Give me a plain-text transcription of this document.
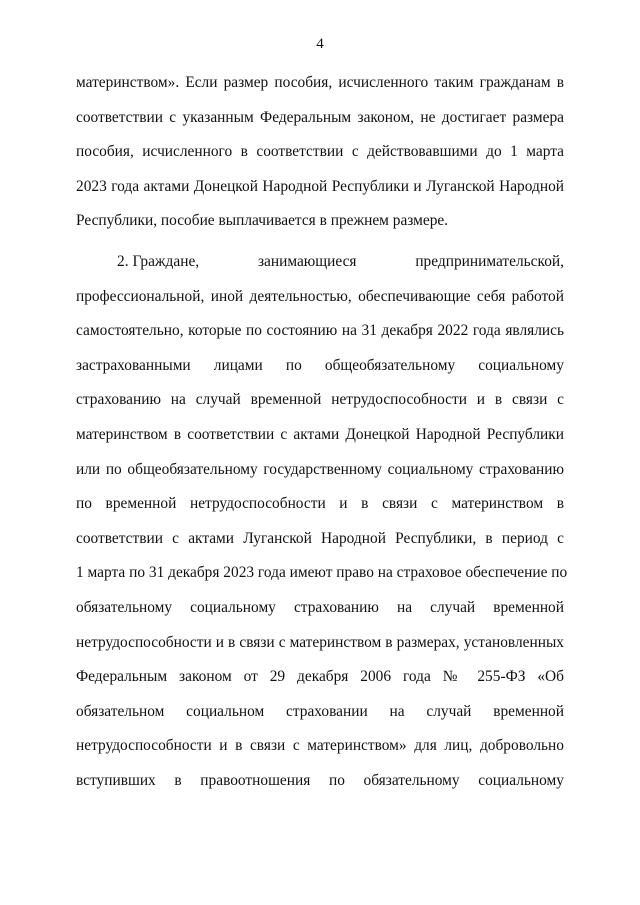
4
материнством». Если размер пособия, исчисленного таким гражданам в
соответствии с указанным Федеральным законом, не достигает размера
пособия, исчисленного в соответствии с действовавшими до 1 марта
2023 года актами Донецкой Народной Республики и Луганской Народной
Республики, пособие выплачивается в прежнем размере.
2. Граждане,               занимающиеся               предпринимательской,
профессиональной, иной деятельностью, обеспечивающие себя работой
самостоятельно, которые по состоянию на 31 декабря 2022 года являлись
застрахованными лицами по общеобязательному социальному
страхованию на случай временной нетрудоспособности и в связи с
материнством в соответствии с актами Донецкой Народной Республики
или по общеобязательному государственному социальному страхованию
по временной нетрудоспособности и в связи с материнством в
соответствии с актами Луганской Народной Республики, в период с
1 марта по 31 декабря 2023 года имеют право на страховое обеспечение по
обязательному социальному страхованию на случай временной
нетрудоспособности и в связи с материнством в размерах, установленных
Федеральным законом от 29 декабря 2006 года № 255-ФЗ «Об
обязательном социальном страховании на случай временной
нетрудоспособности и в связи с материнством» для лиц, добровольно
вступивших в правоотношения по обязательному социальному
